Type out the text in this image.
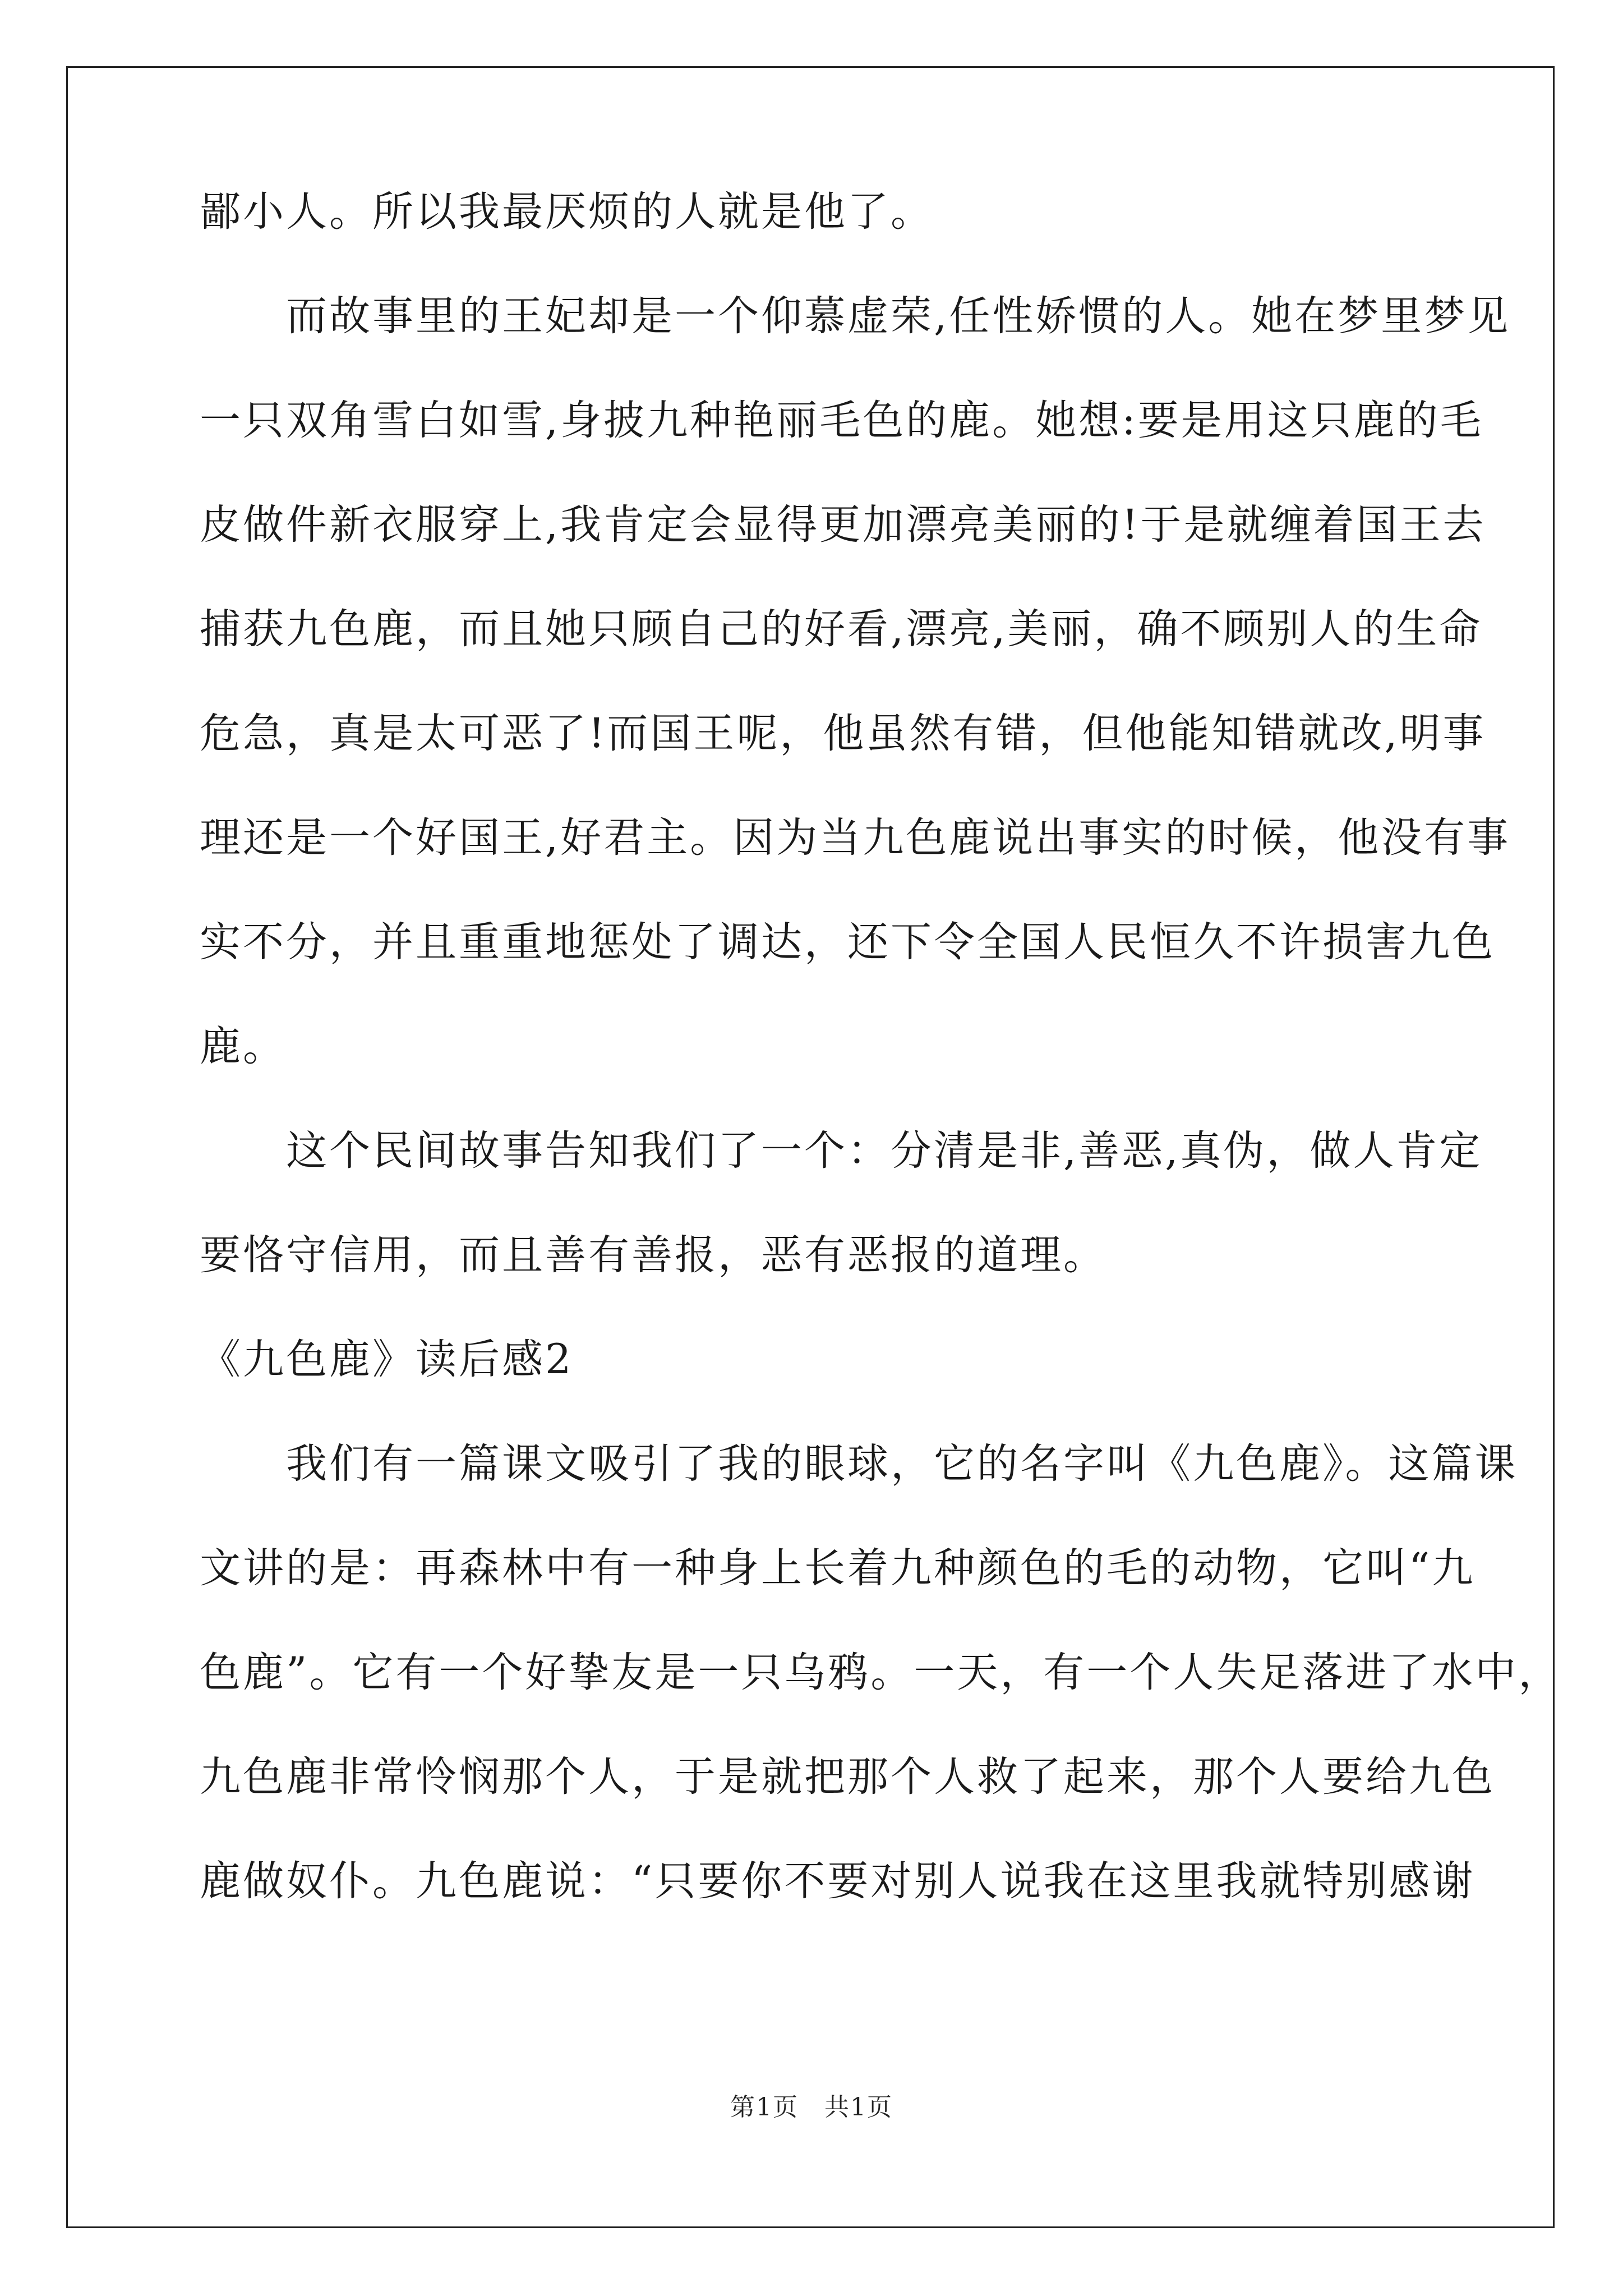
鄙小人。所以我最厌烦的人就是他了。
　　而故事里的王妃却是一个仰慕虚荣,任性娇惯的人。她在梦里梦见
一只双角雪白如雪,身披九种艳丽毛色的鹿。她想:要是用这只鹿的毛
皮做件新衣服穿上,我肯定会显得更加漂亮美丽的!于是就缠着国王去
捕获九色鹿，而且她只顾自己的好看,漂亮,美丽，确不顾别人的生命
危急，真是太可恶了!而国王呢，他虽然有错，但他能知错就改,明事
理还是一个好国王,好君主。因为当九色鹿说出事实的时候，他没有事
实不分，并且重重地惩处了调达，还下令全国人民恒久不许损害九色
鹿。
　　这个民间故事告知我们了一个：分清是非,善恶,真伪，做人肯定
要恪守信用，而且善有善报，恶有恶报的道理。
《九色鹿》读后感2
　　我们有一篇课文吸引了我的眼球，它的名字叫《九色鹿》。这篇课
文讲的是：再森林中有一种身上长着九种颜色的毛的动物，它叫“九
色鹿”。它有一个好挚友是一只乌鸦。一天，有一个人失足落进了水中，
九色鹿非常怜悯那个人，于是就把那个人救了起来，那个人要给九色
鹿做奴仆。九色鹿说：“只要你不要对别人说我在这里我就特别感谢
第1页　共1页
